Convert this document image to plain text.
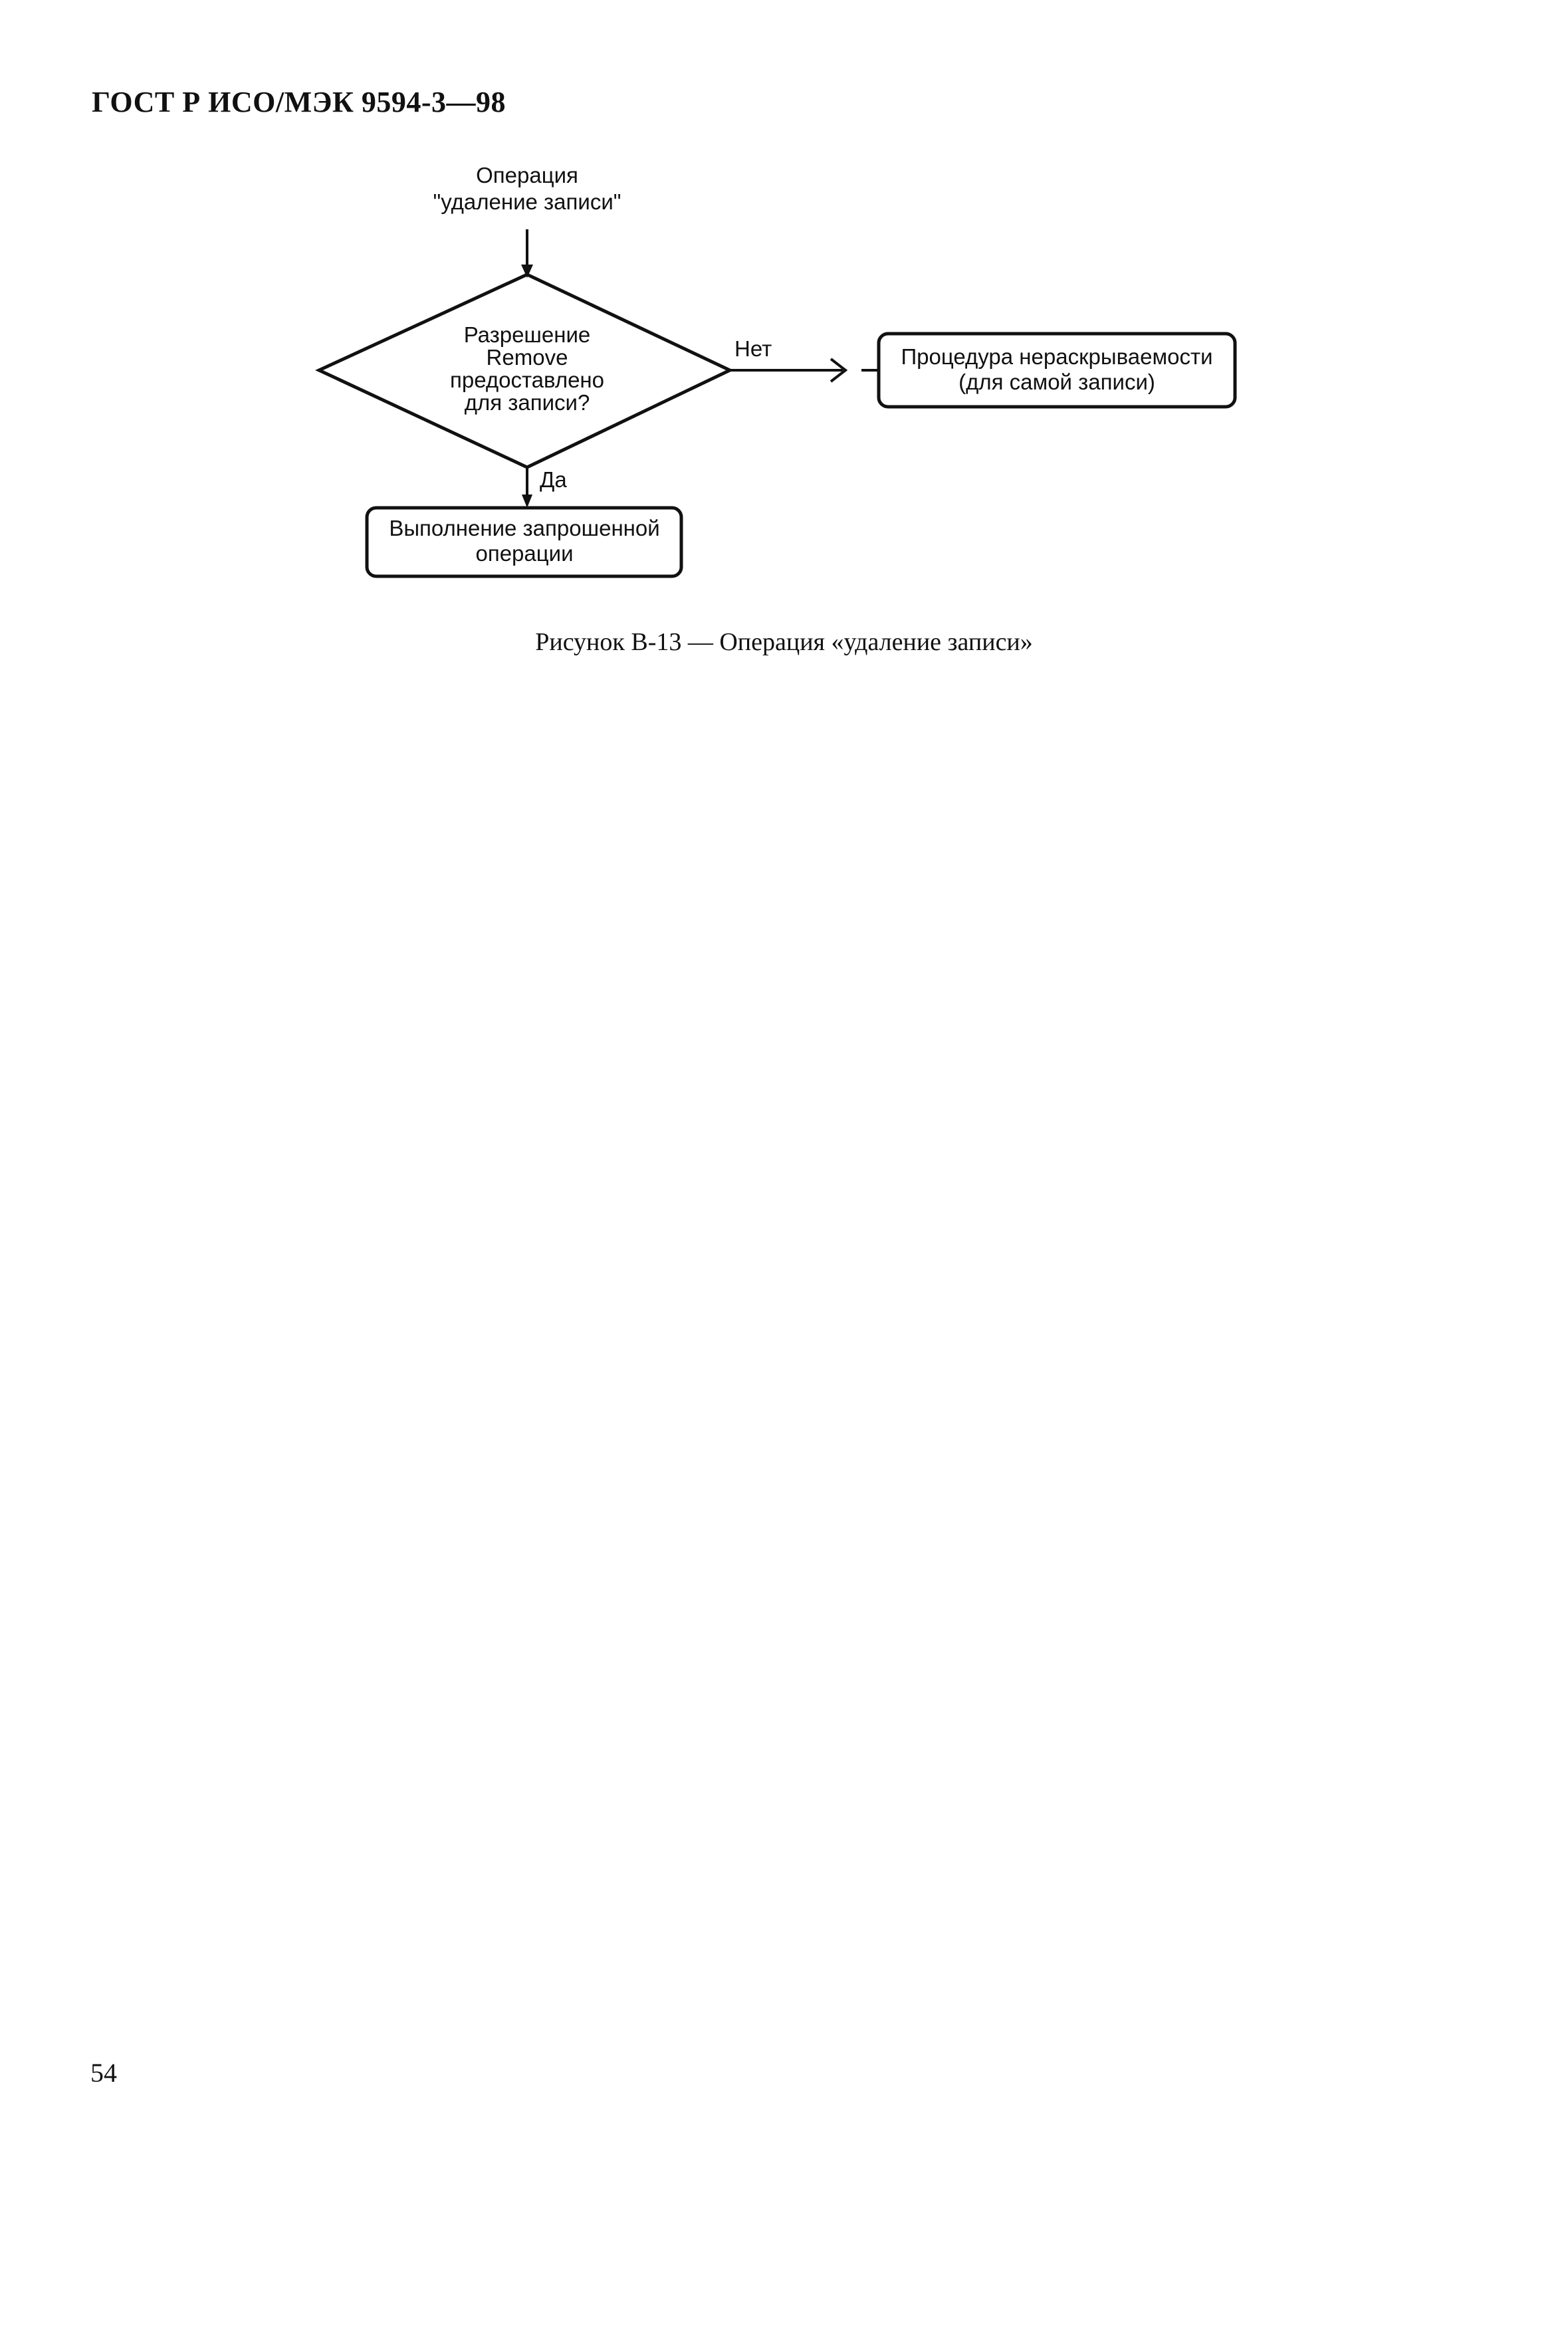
ГОСТ Р ИСО/МЭК 9594-3—98
Операция
"удаление записи"
Разрешение
Remove
предоставлено
для записи?
Нет	Процедура нераскрываемости
(для самой записи)
Да
Выполнение запрошенной
операции
Рисунок В-13 — Операция «удаление записи»
54
